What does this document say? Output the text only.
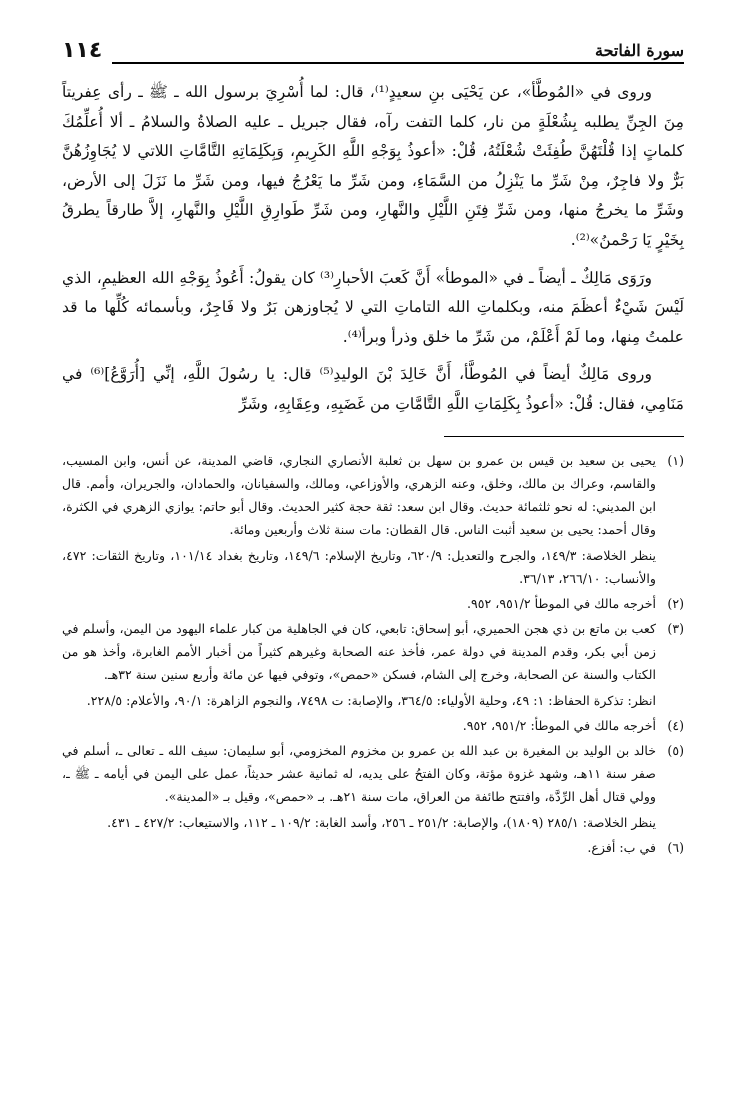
سورة الفاتحة
١١٤

وروى في «المُوطَّأ»، عن يَحْيَى بنِ سعيدٍ⁽¹⁾، قال: لما أُسْرِيَ برسول الله ـ ﷺ ـ رأى عِفريتاً مِنَ الجِنِّ يطلبه بِشُعْلَةٍ من نار، كلما التفت رآه، فقال جبريل ـ عليه الصلاةُ والسلامُ ـ ألا أُعلِّمُكَ كلماتٍ إذا قُلْتَهُنَّ طُفِئَتْ شُعْلَتُهُ، قُلْ: «أعوذُ بِوَجْهِ اللَّهِ الكَرِيمِ، وَبِكَلِمَاتِهِ التَّامَّاتِ اللاتي لا يُجَاوِزُهُنَّ بَرٌّ ولا فاجِرٌ، مِنْ شَرِّ ما يَنْزِلُ من السَّمَاءِ، ومن شَرِّ ما يَعْرُجُ فيها، ومن شَرِّ ما نَزَلَ إلى الأرض، وشَرِّ ما يخرجُ منها، ومن شَرِّ فِتَنِ اللَّيْلِ والنَّهارِ، ومن شَرِّ طَوارِقِ اللَّيْلِ والنَّهارِ، إلاَّ طارقاً يطرقُ بِخَيْرٍ يَا رَحْمنُ»⁽²⁾.

ورَوَى مَالِكٌ ـ أيضاً ـ في «الموطأ» أَنَّ كَعبَ الأحبارِ⁽³⁾ كان يقولُ: أَعُوذُ بِوَجْهِ الله العظيمِ، الذي لَيْسَ شَيْءٌ أعظَمَ منه، وبكلماتِ الله التاماتِ التي لا يُجاوزهن بَرٌ ولا فَاجِرٌ، وبأسمائه كُلِّها ما قد علمتُ مِنها، وما لَمْ أَعْلَمْ، من شَرِّ ما خلق وذرأ وبرأ⁽⁴⁾.

وروى مَالِكٌ أيضاً في المُوطَّأ، أَنَّ خَالِدَ بْنَ الوليدِ⁽⁵⁾ قال: يا رسُولَ اللَّهِ، إنِّي [أُرَوَّعُ]⁽⁶⁾ في مَنَامِي، فقال: قُلْ: «أعوذُ بِكَلِمَاتِ اللَّهِ التَّامَّاتِ من غَضَبِهِ، وعِقَابِهِ، وشَرِّ

(١)

يحيى بن سعيد بن قيس بن عمرو بن سهل بن ثعلبة الأنصاري النجاري، قاضي المدينة، عن أنس، وابن المسيب، والقاسم، وعراك بن مالك، وخلق، وعنه الزهري، والأوزاعي، ومالك، والسفيانان، والحمادان، والجريران، وأمم. قال ابن المديني: له نحو ثلثمائة حديث. وقال ابن سعد: ثقة حجة كثير الحديث. وقال أبو حاتم: يوازي الزهري في الكثرة، وقال أحمد: يحيى بن سعيد أثبت الناس. قال القطان: مات سنة ثلاث وأربعين ومائة.

ينظر الخلاصة: ١٤٩/٣، والجرح والتعديل: ٦٢٠/٩، وتاريخ الإسلام: ١٤٩/٦، وتاريخ بغداد ١٠١/١٤، وتاريخ الثقات: ٤٧٢، والأنساب: ٢٦٦/١٠، ٣٦/١٣.

(٢)

أخرجه مالك في الموطأ ٩٥١/٢، ٩٥٢.

(٣)

كعب بن ماتع بن ذي هجن الحميري، أبو إسحاق: تابعي، كان في الجاهلية من كبار علماء اليهود من اليمن، وأسلم في زمن أبي بكر، وقدم المدينة في دولة عمر، فأخذ عنه الصحابة وغيرهم كثيراً من أخبار الأمم الغابرة، وأخذ هو من الكتاب والسنة عن الصحابة، وخرج إلى الشام، فسكن «حمص»، وتوفي فيها عن مائة وأربع سنين سنة ٣٢هـ.

انظر: تذكرة الحفاظ: ١: ٤٩، وحلية الأولياء: ٣٦٤/٥، والإصابة: ت ٧٤٩٨، والنجوم الزاهرة: ٩٠/١، والأعلام: ٢٢٨/٥.

(٤)

أخرجه مالك في الموطأ: ٩٥١/٢، ٩٥٢.

(٥)

خالد بن الوليد بن المغيرة بن عبد الله بن عمرو بن مخزوم المخزومي، أبو سليمان: سيف الله ـ تعالى ـ، أسلم في صفر سنة ١١هـ، وشهد غزوة مؤتة، وكان الفتحُ على يديه، له ثمانية عشر حديثاً، عمل على اليمن في أيامه ـ ﷺ ـ، وولي قتال أهل الرِّدَّة، وافتتح طائفة من العراق، مات سنة ٢١هـ. بـ «حمص»، وقيل بـ «المدينة».

ينظر الخلاصة: ٢٨٥/١ (١٨٠٩)، والإصابة: ٢٥١/٢ ـ ٢٥٦، وأسد الغابة: ١٠٩/٢ ـ ١١٢، والاستيعاب: ٤٢٧/٢ ـ ٤٣١.

(٦)

في ب: أفزع.
